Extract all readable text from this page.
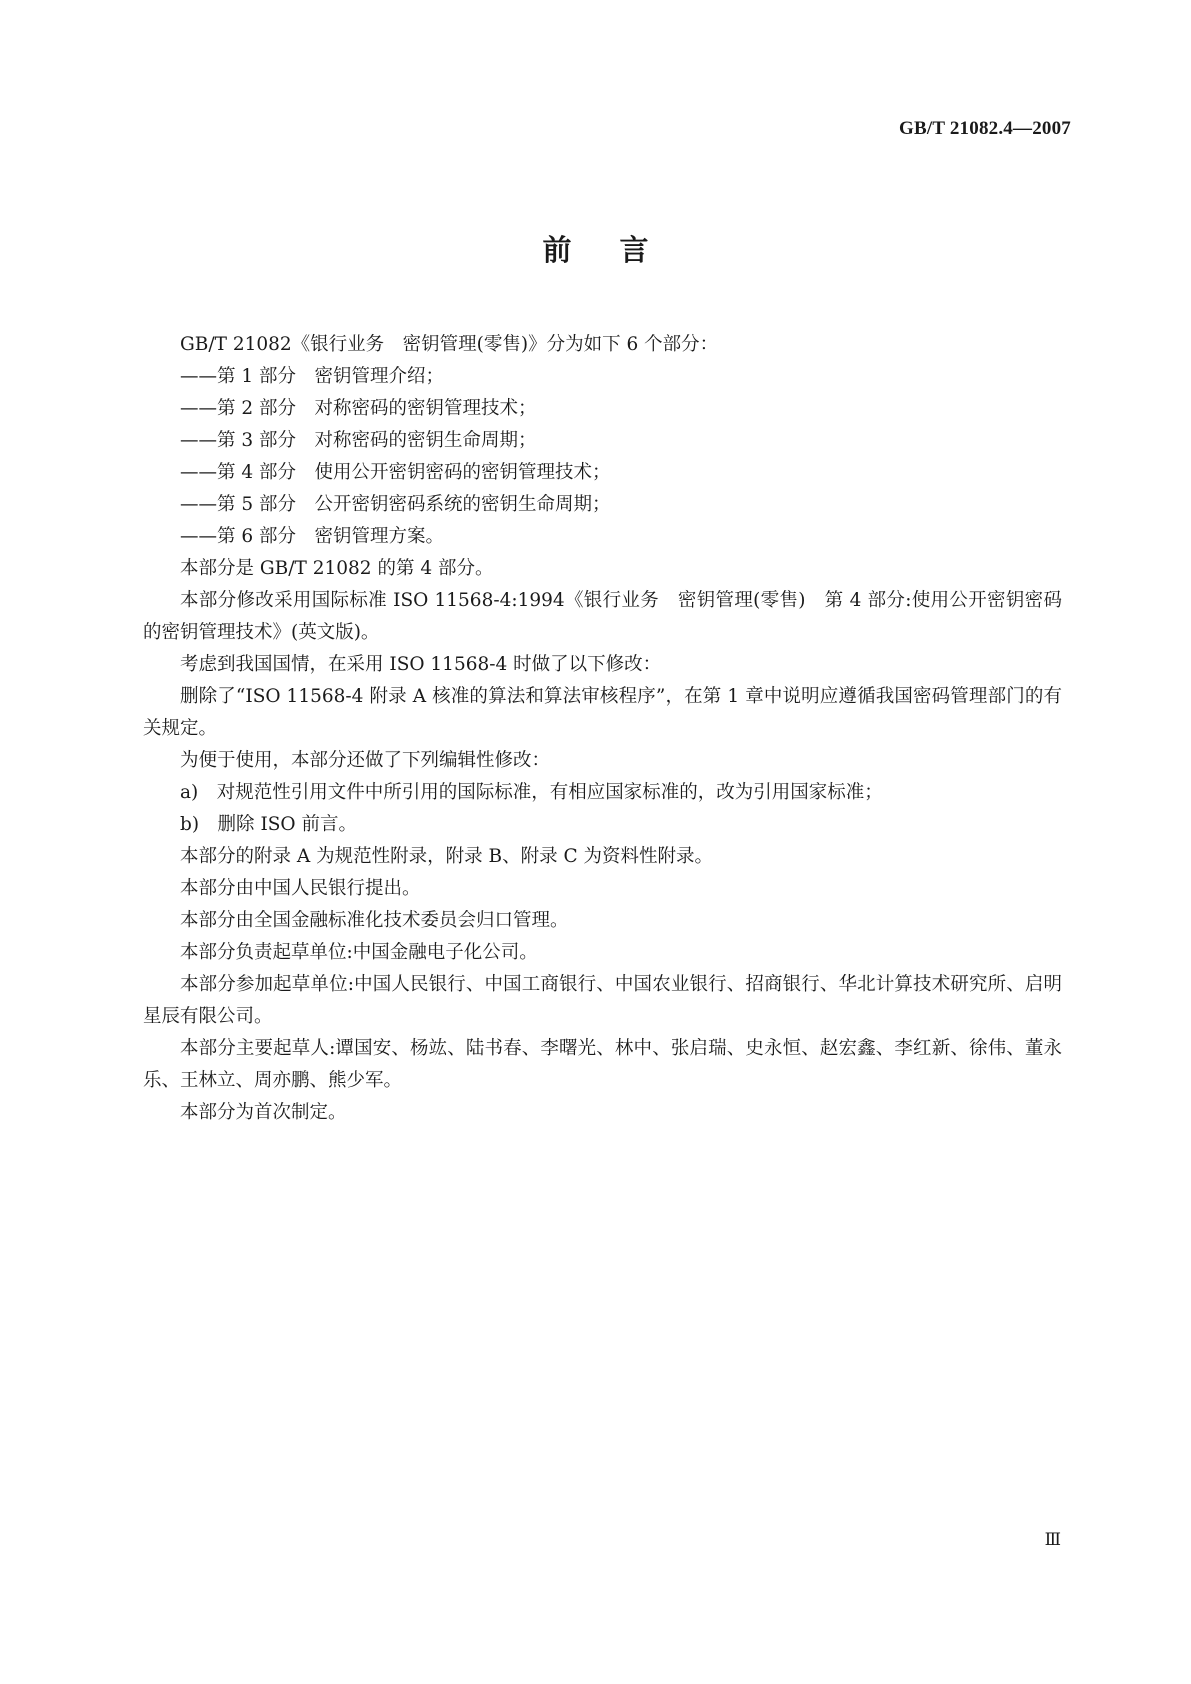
GB/T 21082.4—2007
前言

GB/T 21082《银行业务　密钥管理(零售)》分为如下 6 个部分：

——第 1 部分　密钥管理介绍；

——第 2 部分　对称密码的密钥管理技术；

——第 3 部分　对称密码的密钥生命周期；

——第 4 部分　使用公开密钥密码的密钥管理技术；

——第 5 部分　公开密钥密码系统的密钥生命周期；

——第 6 部分　密钥管理方案。

本部分是 GB/T 21082 的第 4 部分。

本部分修改采用国际标准 ISO 11568-4:1994《银行业务　密钥管理(零售)　第 4 部分:使用公开密钥密码的密钥管理技术》(英文版)。

考虑到我国国情，在采用 ISO 11568-4 时做了以下修改：

删除了“ISO 11568-4 附录 A 核准的算法和算法审核程序”，在第 1 章中说明应遵循我国密码管理部门的有关规定。

为便于使用，本部分还做了下列编辑性修改：

a)　对规范性引用文件中所引用的国际标准，有相应国家标准的，改为引用国家标准；

b)　删除 ISO 前言。

本部分的附录 A 为规范性附录，附录 B、附录 C 为资料性附录。

本部分由中国人民银行提出。

本部分由全国金融标准化技术委员会归口管理。

本部分负责起草单位:中国金融电子化公司。

本部分参加起草单位:中国人民银行、中国工商银行、中国农业银行、招商银行、华北计算技术研究所、启明星辰有限公司。

本部分主要起草人:谭国安、杨竑、陆书春、李曙光、林中、张启瑞、史永恒、赵宏鑫、李红新、徐伟、董永乐、王林立、周亦鹏、熊少军。

本部分为首次制定。

Ⅲ
